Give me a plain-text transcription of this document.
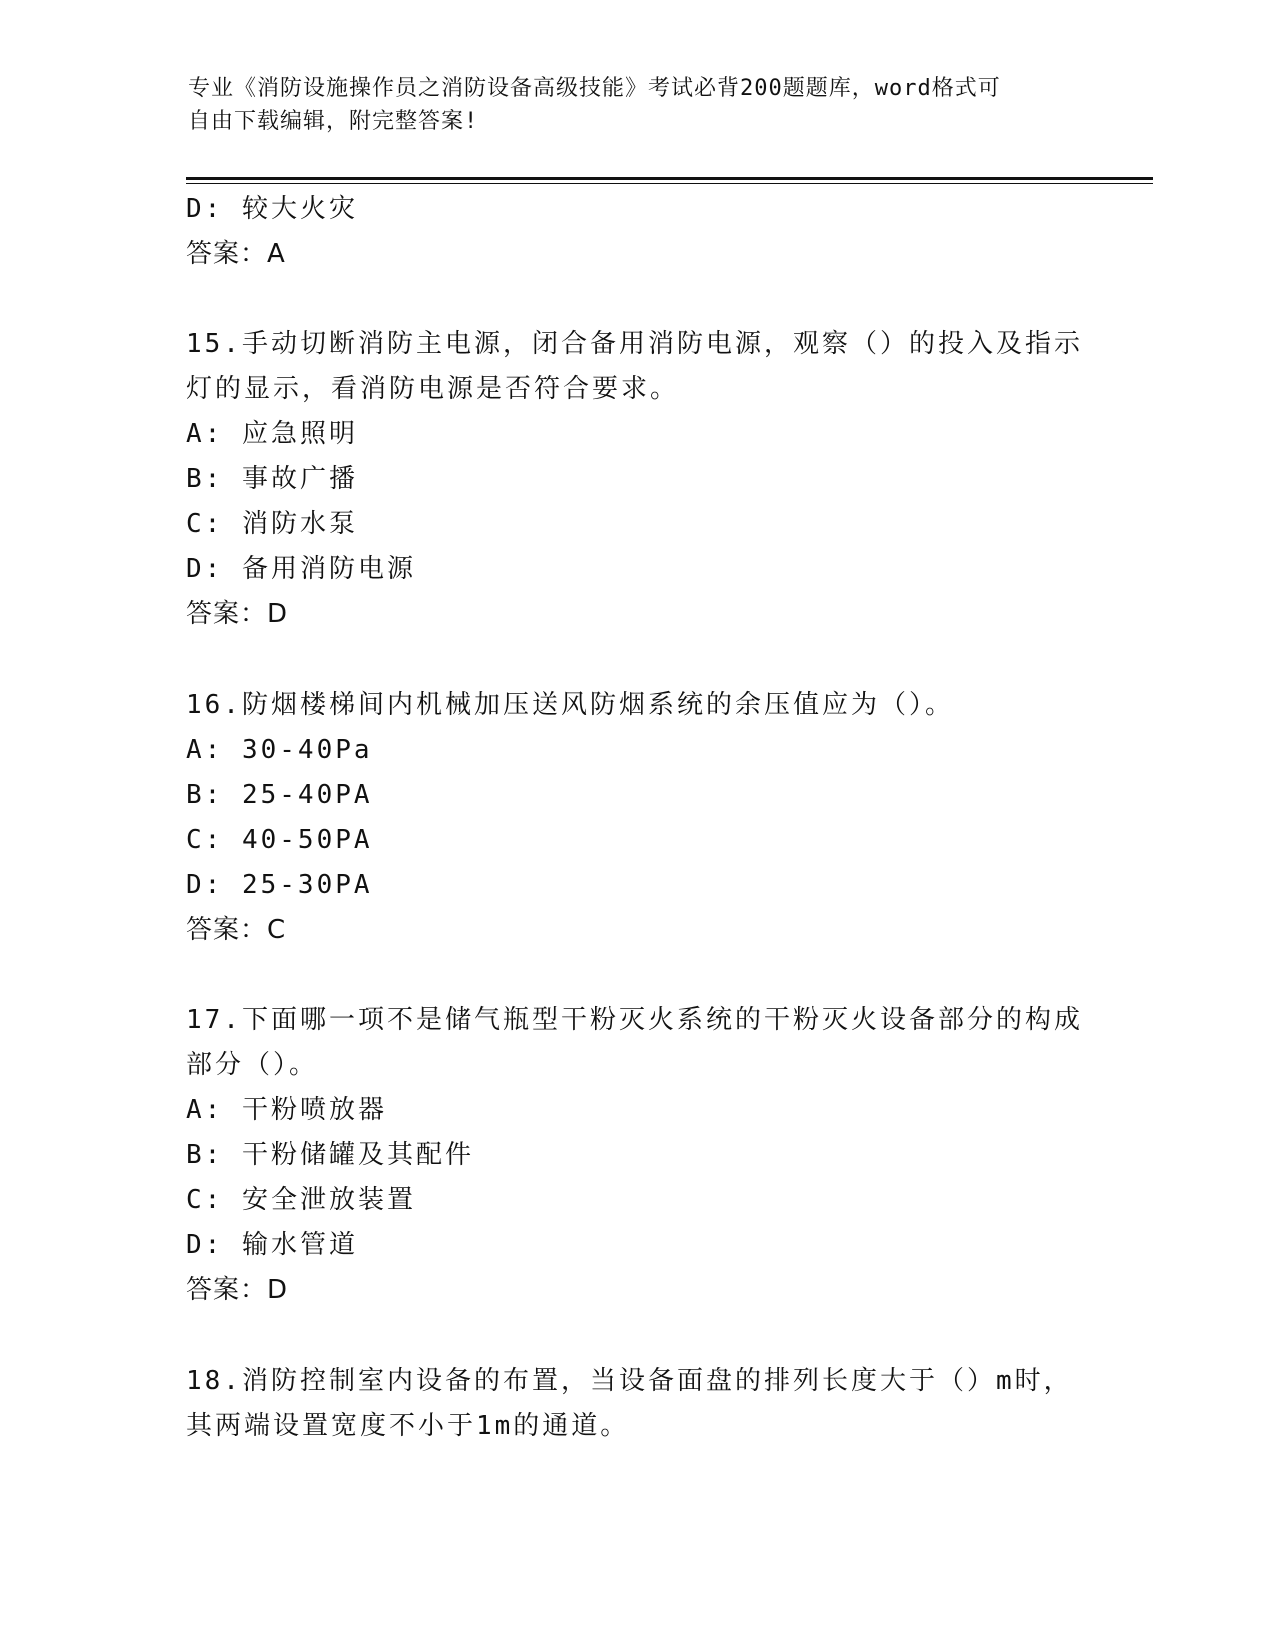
专业《消防设施操作员之消防设备高级技能》考试必背200题题库，word格式可
自由下载编辑，附完整答案!
D: 较大火灾
答案：A
15.手动切断消防主电源，闭合备用消防电源，观察（）的投入及指示
灯的显示，看消防电源是否符合要求。
A: 应急照明
B: 事故广播
C: 消防水泵
D: 备用消防电源
答案：D
16.防烟楼梯间内机械加压送风防烟系统的余压值应为（）。
A: 30-40Pa
B: 25-40PA
C: 40-50PA
D: 25-30PA
答案：C
17.下面哪一项不是储气瓶型干粉灭火系统的干粉灭火设备部分的构成
部分（）。
A: 干粉喷放器
B: 干粉储罐及其配件
C: 安全泄放装置
D: 输水管道
答案：D
18.消防控制室内设备的布置，当设备面盘的排列长度大于（）m时，
其两端设置宽度不小于1m的通道。
